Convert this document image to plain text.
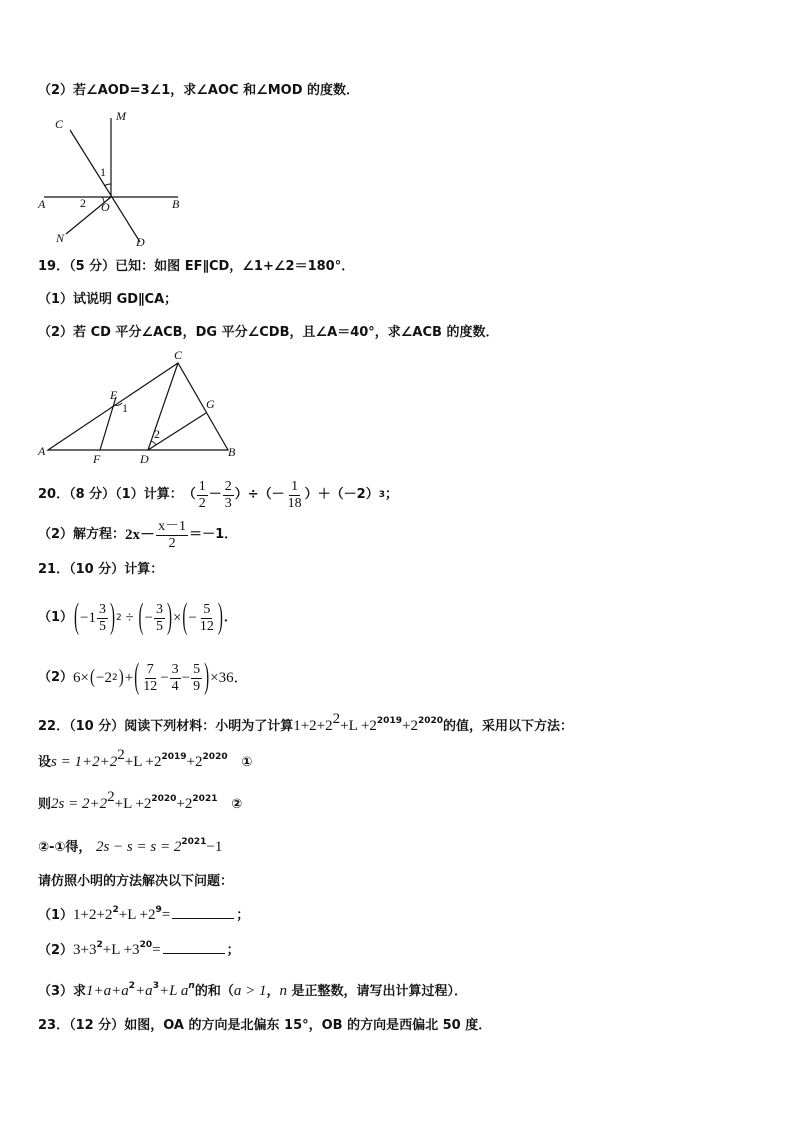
（2）若∠AOD=3∠1，求∠AOC 和∠MOD 的度数．
C
M
A	B
O
N	D
1
2
19．（5 分）已知：如图 EF∥CD，∠1+∠2＝180°．
（1）试说明 GD∥CA；
（2）若 CD 平分∠ACB，DG 平分∠CDB，且∠A＝40°，求∠ACB 的度数．
C
E
1	G
2
A
F	D	B
20．（8 分）（1）计算： （ $\frac{1}{2} - \frac{2}{3}$ ）÷（－ $\frac{1}{18}$ ） ＋（－2） 3 ；
（2）解方程： $2x- \frac{x-1}{2} =-1$．
21．（10 分）计算：
（1） ( $-1 \frac{3}{5}$ ) 2 ÷ ( − $\frac{3}{5}$ ) × ( − $\frac{5}{12}$ ) ．
（2） 6× ( −2 2 ) + ( $\frac{7}{12} - \frac{3}{4} - \frac{5}{9}$ ) ×36．
22．（10 分）阅读下列材料：小明为了计算$1+2+2^2+L +2^{2019}+2^{2020}$的值，采用以下方法：
设$s = 1+2+2^2+L +2^{2019}+2^{2020}$ ①
则$2s = 2+2^2+L +2^{2020}+2^{2021}$ ②
②-①得， $2s - s = s = 2^{2021}-1$
请仿照小明的方法解决以下问题：
$(1)1+2+2^2+L +2^9=$	；
$(2)3+3^2+L +3^{20}=$	；
（3）求$1+a+a^2+a^3+L$ $a^n$的和（a > 1，n 是正整数，请写出计算过程）．
23．（12 分）如图，OA 的方向是北偏东 15°，OB 的方向是西偏北 50 度．
